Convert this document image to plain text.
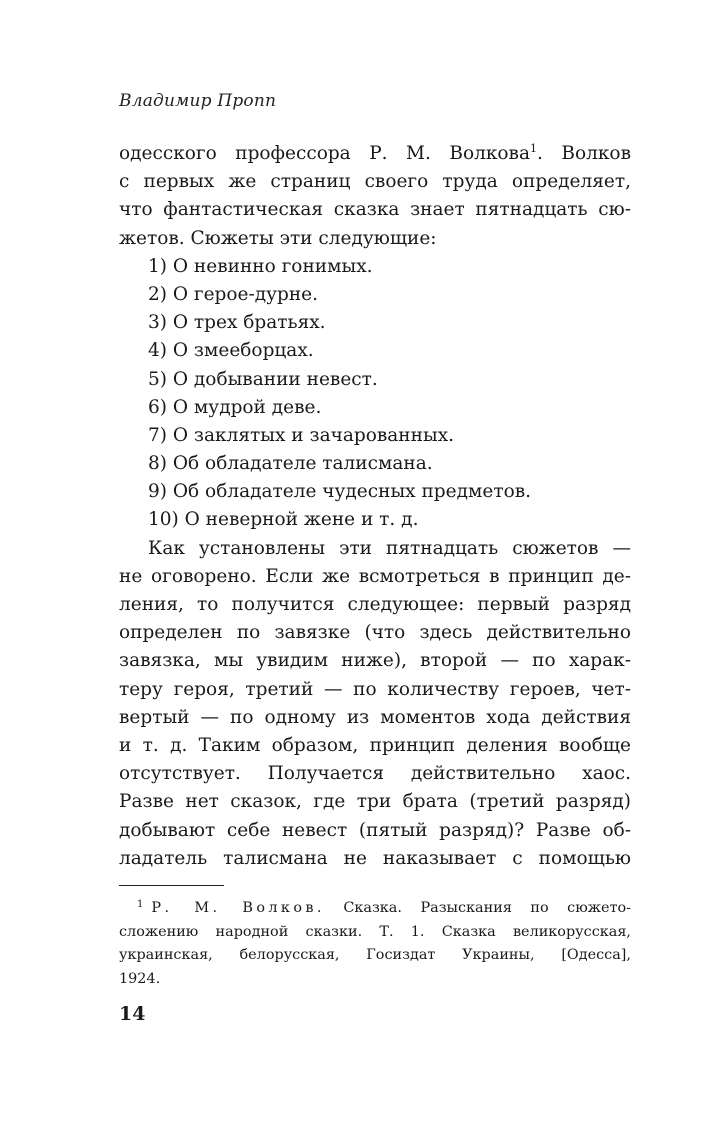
Владимир Пропп
одесского профессора Р. М. Волкова$^1$. Волков
с первых же страниц своего труда определяет,
что фантастическая сказка знает пятнадцать сю-
жетов. Сюжеты эти следующие:
1) О невинно гонимых.
2) О герое-дурне.
3) О трех братьях.
4) О змееборцах.
5) О добывании невест.
6) О мудрой деве.
7) О заклятых и зачарованных.
8) Об обладателе талисмана.
9) Об обладателе чудесных предметов.
10) О неверной жене и т. д.
Как установлены эти пятнадцать сюжетов —
не оговорено. Если же всмотреться в принцип де-
ления, то получится следующее: первый разряд
определен по завязке (что здесь действительно
завязка, мы увидим ниже), второй — по харак-
теру героя, третий — по количеству героев, чет-
вертый — по одному из моментов хода действия
и т. д. Таким образом, принцип деления вообще
отсутствует. Получается действительно хаос.
Разве нет сказок, где три брата (третий разряд)
добывают себе невест (пятый разряд)? Разве об-
ладатель талисмана не наказывает с помощью
$^1$ Р. М. Волков. Сказка. Разыскания по сюжето-
сложению народной сказки. Т. 1. Сказка великорусская,
украинская, белорусская, Госиздат Украины, [Одесса],
1924.
14
